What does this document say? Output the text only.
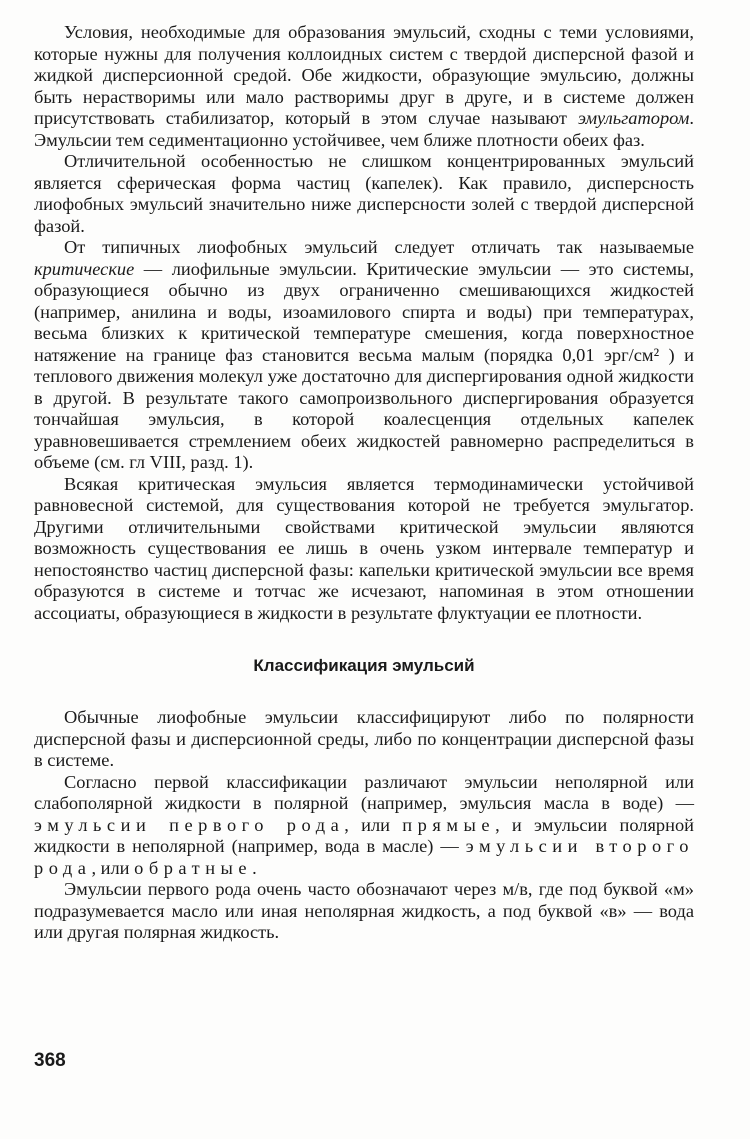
Условия, необходимые для образования эмульсий, сходны с теми условиями, которые нужны для получения коллоидных систем с твердой дисперсной фазой и жидкой дисперсионной средой. Обе жидкости, образующие эмульсию, должны быть нерастворимы или мало растворимы друг в друге, и в системе должен присутствовать стабилизатор, который в этом случае называют эмульгатором. Эмульсии тем седиментационно устойчивее, чем ближе плотности обеих фаз.

Отличительной особенностью не слишком концентрированных эмульсий является сферическая форма частиц (капелек). Как правило, дисперсность лиофобных эмульсий значительно ниже дисперсности золей с твердой дисперсной фазой.

От типичных лиофобных эмульсий следует отличать так называемые критические — лиофильные эмульсии. Критические эмульсии — это системы, образующиеся обычно из двух ограниченно смешивающихся жидкостей (например, анилина и воды, изоамилового спирта и воды) при температурах, весьма близких к критической температуре смешения, когда поверхностное натяжение на границе фаз становится весьма малым (порядка 0,01 эрг/см² ) и теплового движения молекул уже достаточно для диспергирования одной жидкости в другой. В результате такого самопроизвольного диспергирования образуется тончайшая эмульсия, в которой коалесценция отдельных капелек уравновешивается стремлением обеих жидкостей равномерно распределиться в объеме (см. гл VIII, разд. 1).

Всякая критическая эмульсия является термодинамически устойчивой равновесной системой, для существования которой не требуется эмульгатор. Другими отличительными свойствами критической эмульсии являются возможность существования ее лишь в очень узком интервале температур и непостоянство частиц дисперсной фазы: капельки критической эмульсии все время образуются в системе и тотчас же исчезают, напоминая в этом отношении ассоциаты, образующиеся в жидкости в результате флуктуации ее плотности.

Классификация эмульсий

Обычные лиофобные эмульсии классифицируют либо по полярности дисперсной фазы и дисперсионной среды, либо по концентрации дисперсной фазы в системе.

Согласно первой классификации различают эмульсии неполярной или слабополярной жидкости в полярной (например, эмульсия масла в воде) — эмульсии первого рода, или прямые, и эмульсии полярной жидкости в неполярной (например, вода в масле) — эмульсии второго рода, или обратные.

Эмульсии первого рода очень часто обозначают через м/в, где под буквой «м» подразумевается масло или иная неполярная жидкость, а под буквой «в» — вода или другая полярная жидкость.

368
